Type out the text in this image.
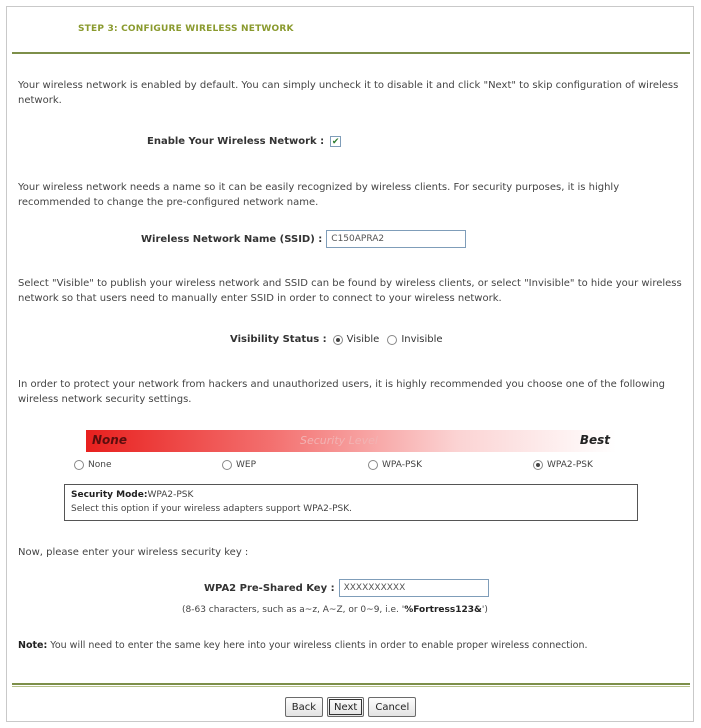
STEP 3: CONFIGURE WIRELESS NETWORK
Your wireless network is enabled by default. You can simply uncheck it to disable it and click "Next" to skip configuration of wireless network.
Enable Your Wireless Network : ✔
Your wireless network needs a name so it can be easily recognized by wireless clients. For security purposes, it is highly recommended to change the pre-configured network name.
Wireless Network Name (SSID) :
C150APRA2
Select "Visible" to publish your wireless network and SSID can be found by wireless clients, or select "Invisible" to hide your wireless network so that users need to manually enter SSID in order to connect to your wireless network.
Visibility Status : Visible Invisible
In order to protect your network from hackers and unauthorized users, it is highly recommended you choose one of the following wireless network security settings.
None	Security Level	Best
None	WEP	WPA-PSK	WPA2-PSK
Security Mode:WPA2-PSK
Select this option if your wireless adapters support WPA2-PSK.
Now, please enter your wireless security key :
WPA2 Pre-Shared Key :
XXXXXXXXXX
(8-63 characters, such as a~z, A~Z, or 0~9, i.e. '%Fortress123&')
Note: You will need to enter the same key here into your wireless clients in order to enable proper wireless connection.
Back	Next	Cancel
